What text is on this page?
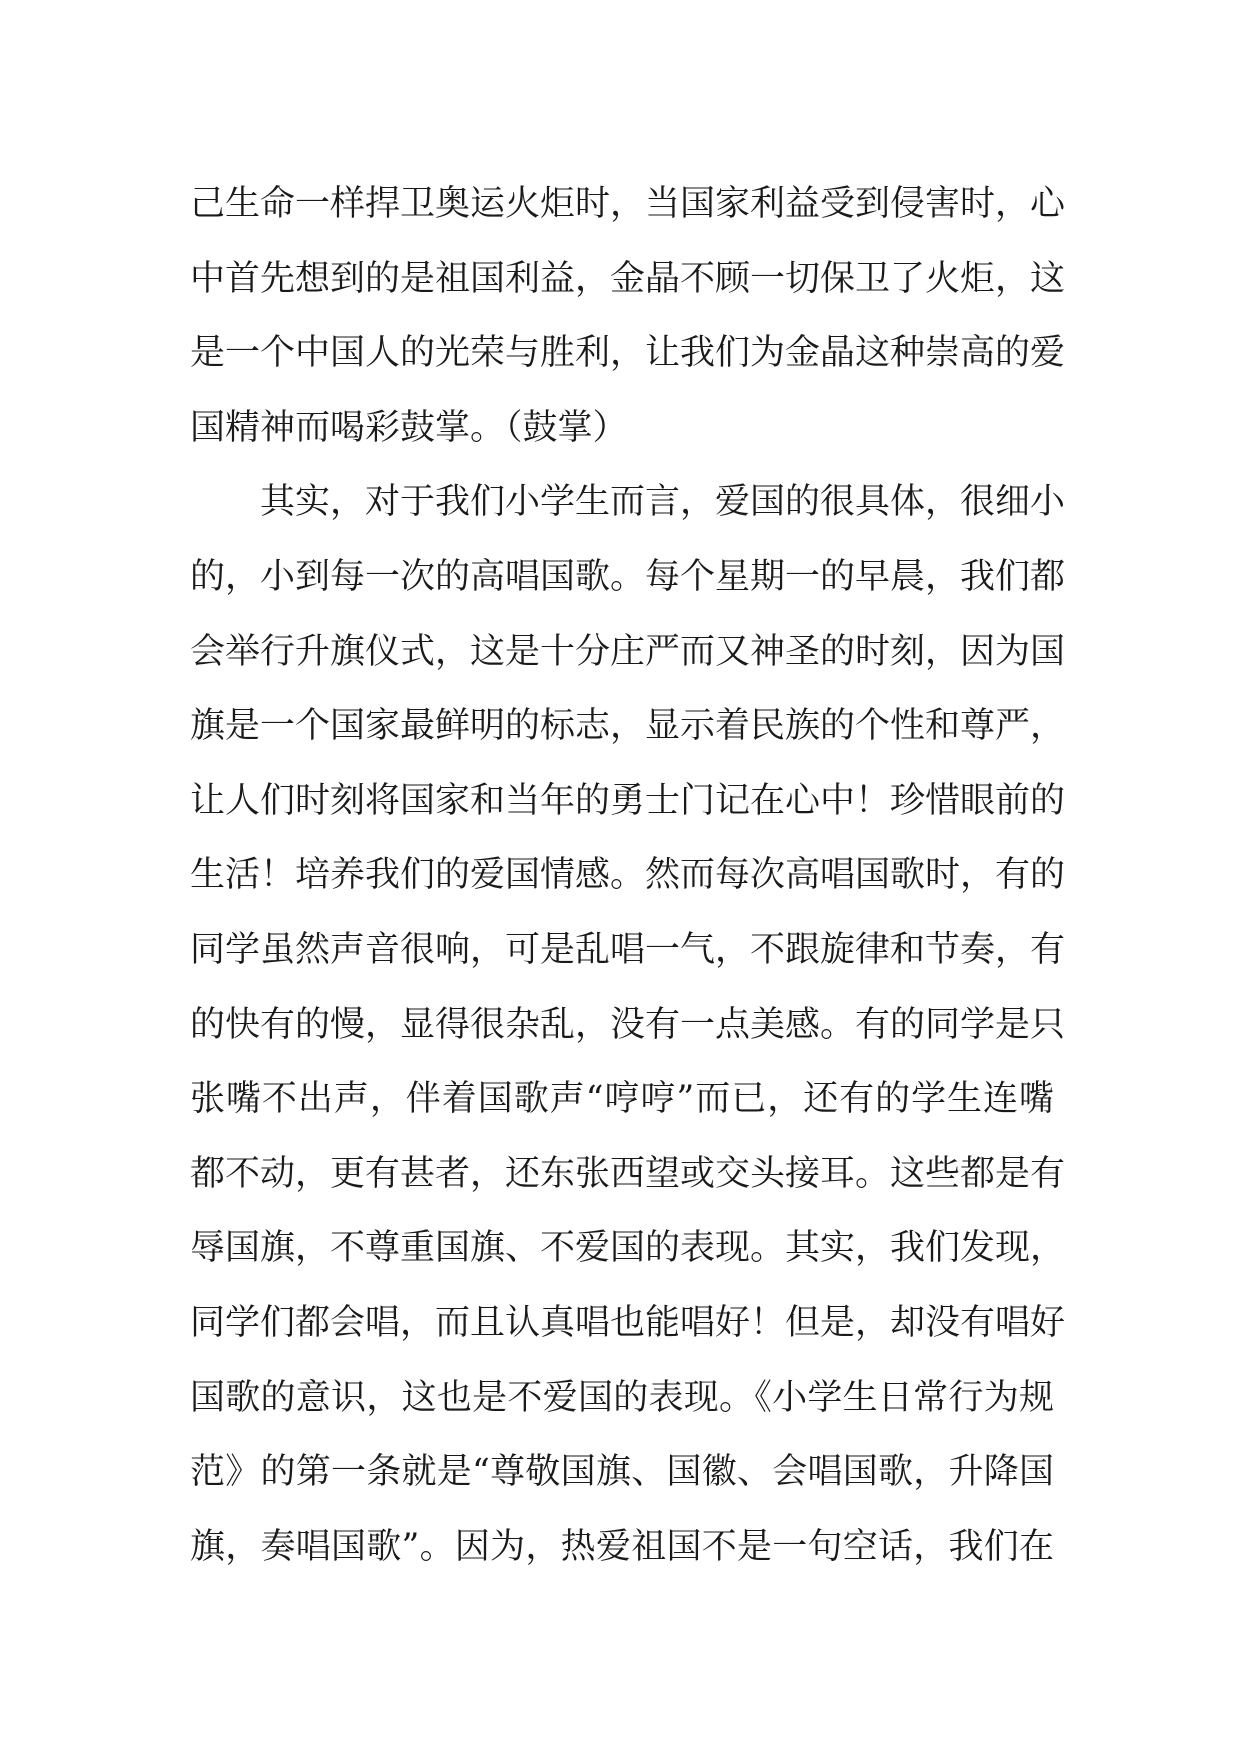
己生命一样捍卫奥运火炬时，当国家利益受到侵害时，心
中首先想到的是祖国利益，金晶不顾一切保卫了火炬，这
是一个中国人的光荣与胜利，让我们为金晶这种崇高的爱
国精神而喝彩鼓掌。（鼓掌）
　　其实，对于我们小学生而言，爱国的很具体，很细小
的，小到每一次的高唱国歌。每个星期一的早晨，我们都
会举行升旗仪式，这是十分庄严而又神圣的时刻，因为国
旗是一个国家最鲜明的标志，显示着民族的个性和尊严，
让人们时刻将国家和当年的勇士门记在心中！珍惜眼前的
生活！培养我们的爱国情感。然而每次高唱国歌时，有的
同学虽然声音很响，可是乱唱一气，不跟旋律和节奏，有
的快有的慢，显得很杂乱，没有一点美感。有的同学是只
张嘴不出声，伴着国歌声“哼哼”而已，还有的学生连嘴
都不动，更有甚者，还东张西望或交头接耳。这些都是有
辱国旗，不尊重国旗、不爱国的表现。其实，我们发现，
同学们都会唱，而且认真唱也能唱好！但是，却没有唱好
国歌的意识，这也是不爱国的表现。《小学生日常行为规
范》的第一条就是“尊敬国旗、国徽、会唱国歌，升降国
旗，奏唱国歌”。因为，热爱祖国不是一句空话，我们在
